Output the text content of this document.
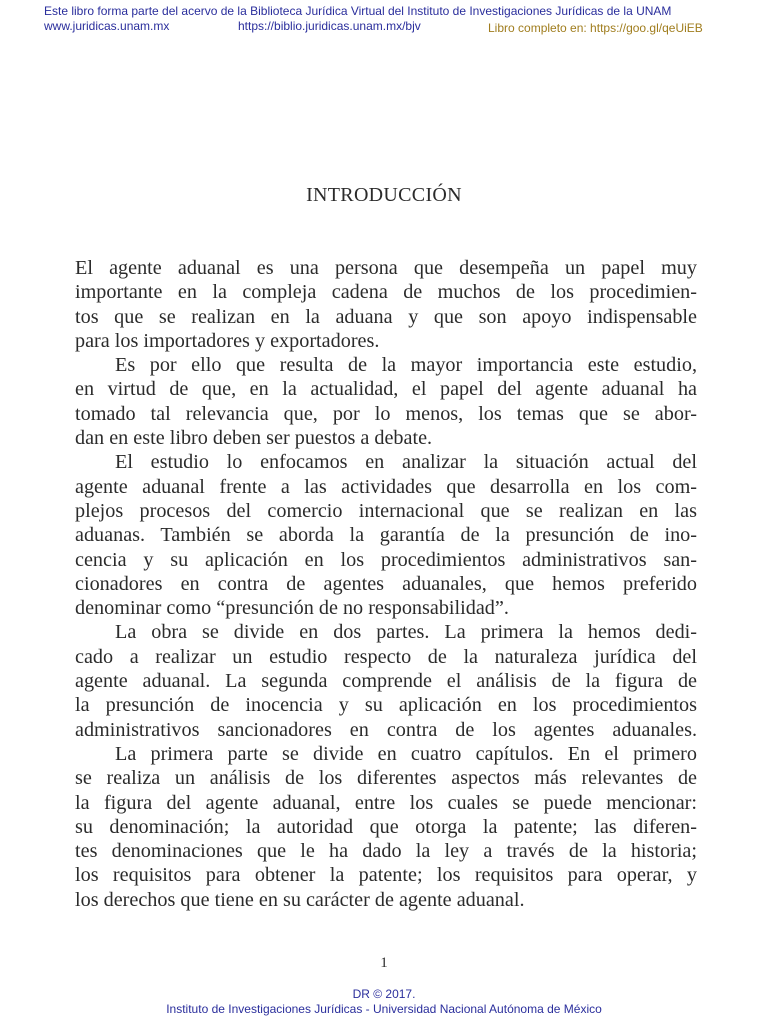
Este libro forma parte del acervo de la Biblioteca Jurídica Virtual del Instituto de Investigaciones Jurídicas de la UNAM
www.juridicas.unam.mx	https://biblio.juridicas.unam.mx/bjv	Libro completo en: https://goo.gl/qeUiEB
INTRODUCCIÓN
El agente aduanal es una persona que desempeña un papel muy
importante en la compleja cadena de muchos de los procedimien-
tos que se realizan en la aduana y que son apoyo indispensable
para los importadores y exportadores.
Es por ello que resulta de la mayor importancia este estudio,
en virtud de que, en la actualidad, el papel del agente aduanal ha
tomado tal relevancia que, por lo menos, los temas que se abor-
dan en este libro deben ser puestos a debate.
El estudio lo enfocamos en analizar la situación actual del
agente aduanal frente a las actividades que desarrolla en los com-
plejos procesos del comercio internacional que se realizan en las
aduanas. También se aborda la garantía de la presunción de ino-
cencia y su aplicación en los procedimientos administrativos san-
cionadores en contra de agentes aduanales, que hemos preferido
denominar como “presunción de no responsabilidad”.
La obra se divide en dos partes. La primera la hemos dedi-
cado a realizar un estudio respecto de la naturaleza jurídica del
agente aduanal. La segunda comprende el análisis de la figura de
la presunción de inocencia y su aplicación en los procedimientos
administrativos sancionadores en contra de los agentes aduanales.
La primera parte se divide en cuatro capítulos. En el primero
se realiza un análisis de los diferentes aspectos más relevantes de
la figura del agente aduanal, entre los cuales se puede mencionar:
su denominación; la autoridad que otorga la patente; las diferen-
tes denominaciones que le ha dado la ley a través de la historia;
los requisitos para obtener la patente; los requisitos para operar, y
los derechos que tiene en su carácter de agente aduanal.
1
DR © 2017.
Instituto de Investigaciones Jurídicas - Universidad Nacional Autónoma de México
